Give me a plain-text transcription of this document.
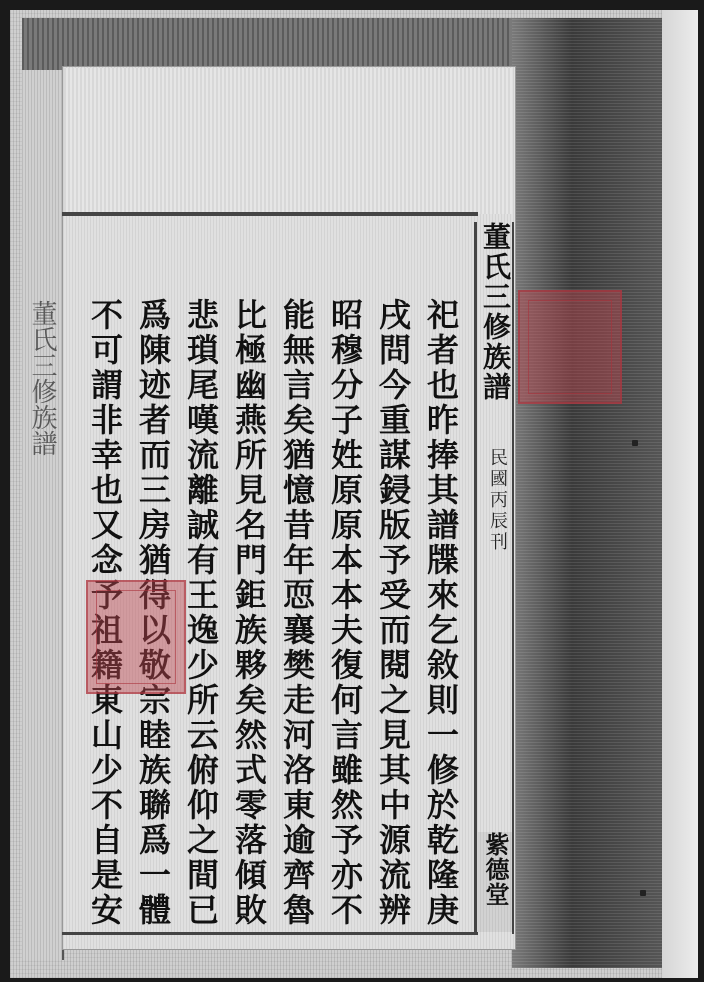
董氏三修族譜	祀者也昨捧其譜牒來乞敘則一修於乾隆庚
戌問今重謀鋟版予受而閱之見其中源流辨
昭穆分子姓原原本本夫復何言雖然予亦不
能無言矣猶憶昔年恧襄樊走河洛東逾齊魯
比極幽燕所見名門鉅族夥矣然式零落傾敗
悲瑣尾嘆流離誠有王逸少所云俯仰之間已
爲陳迹者而三房猶得以敬宗睦族聯爲一體
不可謂非幸也又念予祖籍東山少不自是安	董氏三修族譜
民國丙辰刊
紫德堂
